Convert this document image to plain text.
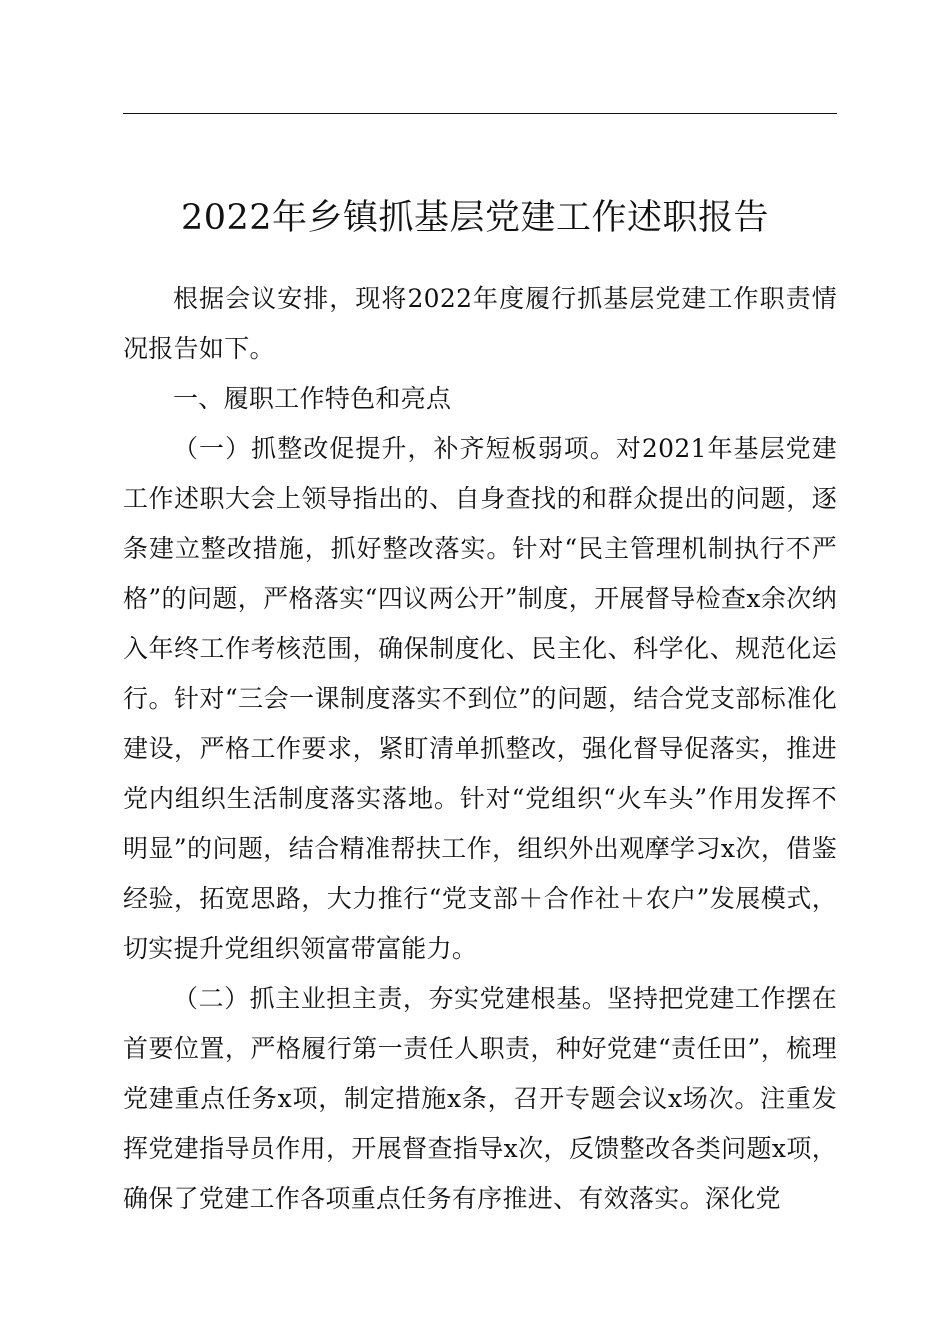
2022年乡镇抓基层党建工作述职报告

根据会议安排，现将2022年度履行抓基层党建工作职责情况报告如下。

一、履职工作特色和亮点

（一）抓整改促提升，补齐短板弱项。对2021年基层党建工作述职大会上领导指出的、自身查找的和群众提出的问题，逐条建立整改措施，抓好整改落实。针对“民主管理机制执行不严格”的问题，严格落实“四议两公开”制度，开展督导检查x余次纳入年终工作考核范围，确保制度化、民主化、科学化、规范化运行。针对“三会一课制度落实不到位”的问题，结合党支部标准化建设，严格工作要求，紧盯清单抓整改，强化督导促落实，推进党内组织生活制度落实落地。针对“党组织“火车头”作用发挥不明显”的问题，结合精准帮扶工作，组织外出观摩学习x次，借鉴经验，拓宽思路，大力推行“党支部＋合作社＋农户”发展模式，切实提升党组织领富带富能力。

（二）抓主业担主责，夯实党建根基。坚持把党建工作摆在首要位置，严格履行第一责任人职责，种好党建“责任田”，梳理党建重点任务x项，制定措施x条，召开专题会议x场次。注重发挥党建指导员作用，开展督查指导x次，反馈整改各类问题x项，确保了党建工作各项重点任务有序推进、有效落实。深化党
